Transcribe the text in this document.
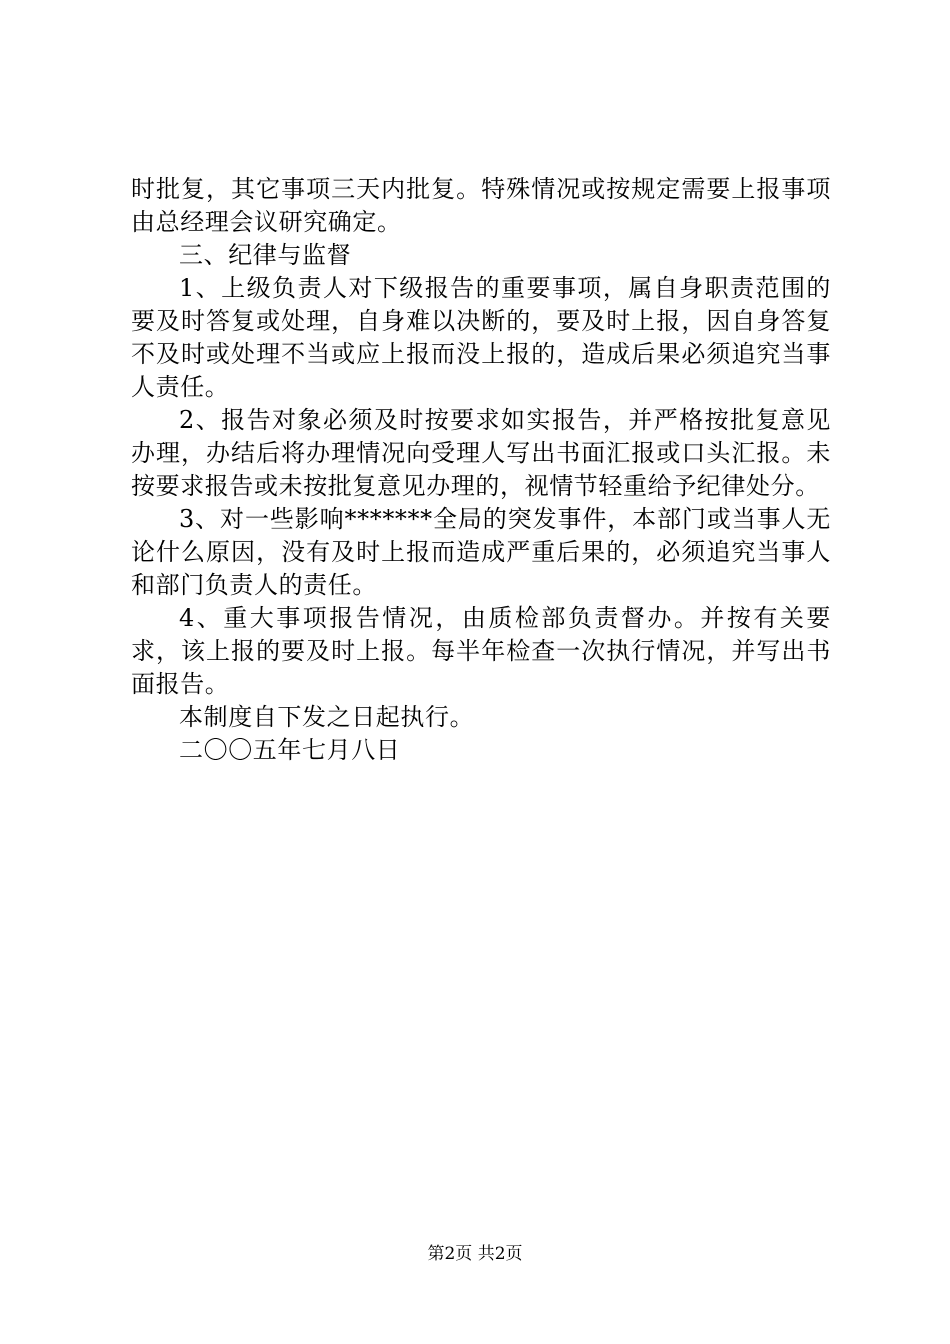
时批复，其它事项三天内批复。特殊情况或按规定需要上报事项由总经理会议研究确定。

三、纪律与监督

1、上级负责人对下级报告的重要事项，属自身职责范围的要及时答复或处理，自身难以决断的，要及时上报，因自身答复不及时或处理不当或应上报而没上报的，造成后果必须追究当事人责任。

2、报告对象必须及时按要求如实报告，并严格按批复意见办理，办结后将办理情况向受理人写出书面汇报或口头汇报。未按要求报告或未按批复意见办理的，视情节轻重给予纪律处分。

3、对一些影响*******全局的突发事件，本部门或当事人无论什么原因，没有及时上报而造成严重后果的，必须追究当事人和部门负责人的责任。

4、重大事项报告情况，由质检部负责督办。并按有关要求，该上报的要及时上报。每半年检查一次执行情况，并写出书面报告。

本制度自下发之日起执行。

二〇〇五年七月八日

第2页 共2页
